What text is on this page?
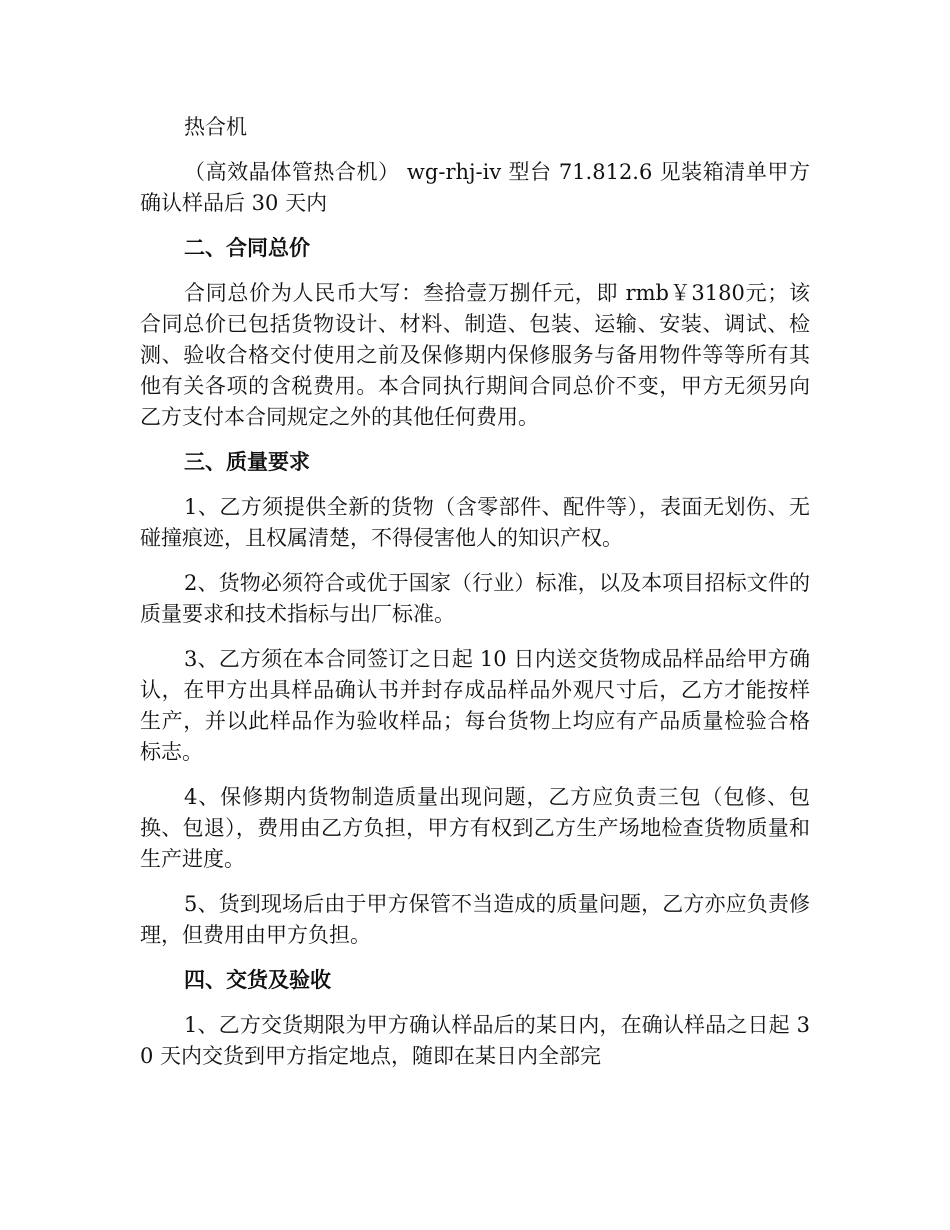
热合机

（高效晶体管热合机） wg-rhj-iv 型台 71.812.6 见装箱清单甲方确认样品后 30 天内

二、合同总价

合同总价为人民币大写：叁拾壹万捌仟元，即 rmb￥3180元；该合同总价已包括货物设计、材料、制造、包装、运输、安装、调试、检测、验收合格交付使用之前及保修期内保修服务与备用物件等等所有其他有关各项的含税费用。本合同执行期间合同总价不变，甲方无须另向乙方支付本合同规定之外的其他任何费用。

三、质量要求

1、乙方须提供全新的货物（含零部件、配件等），表面无划伤、无碰撞痕迹，且权属清楚，不得侵害他人的知识产权。

2、货物必须符合或优于国家（行业）标准，以及本项目招标文件的质量要求和技术指标与出厂标准。

3、乙方须在本合同签订之日起 10 日内送交货物成品样品给甲方确认，在甲方出具样品确认书并封存成品样品外观尺寸后，乙方才能按样生产，并以此样品作为验收样品；每台货物上均应有产品质量检验合格标志。

4、保修期内货物制造质量出现问题，乙方应负责三包（包修、包换、包退），费用由乙方负担，甲方有权到乙方生产场地检查货物质量和生产进度。

5、货到现场后由于甲方保管不当造成的质量问题，乙方亦应负责修理，但费用由甲方负担。

四、交货及验收

1、乙方交货期限为甲方确认样品后的某日内，在确认样品之日起 30 天内交货到甲方指定地点，随即在某日内全部完
